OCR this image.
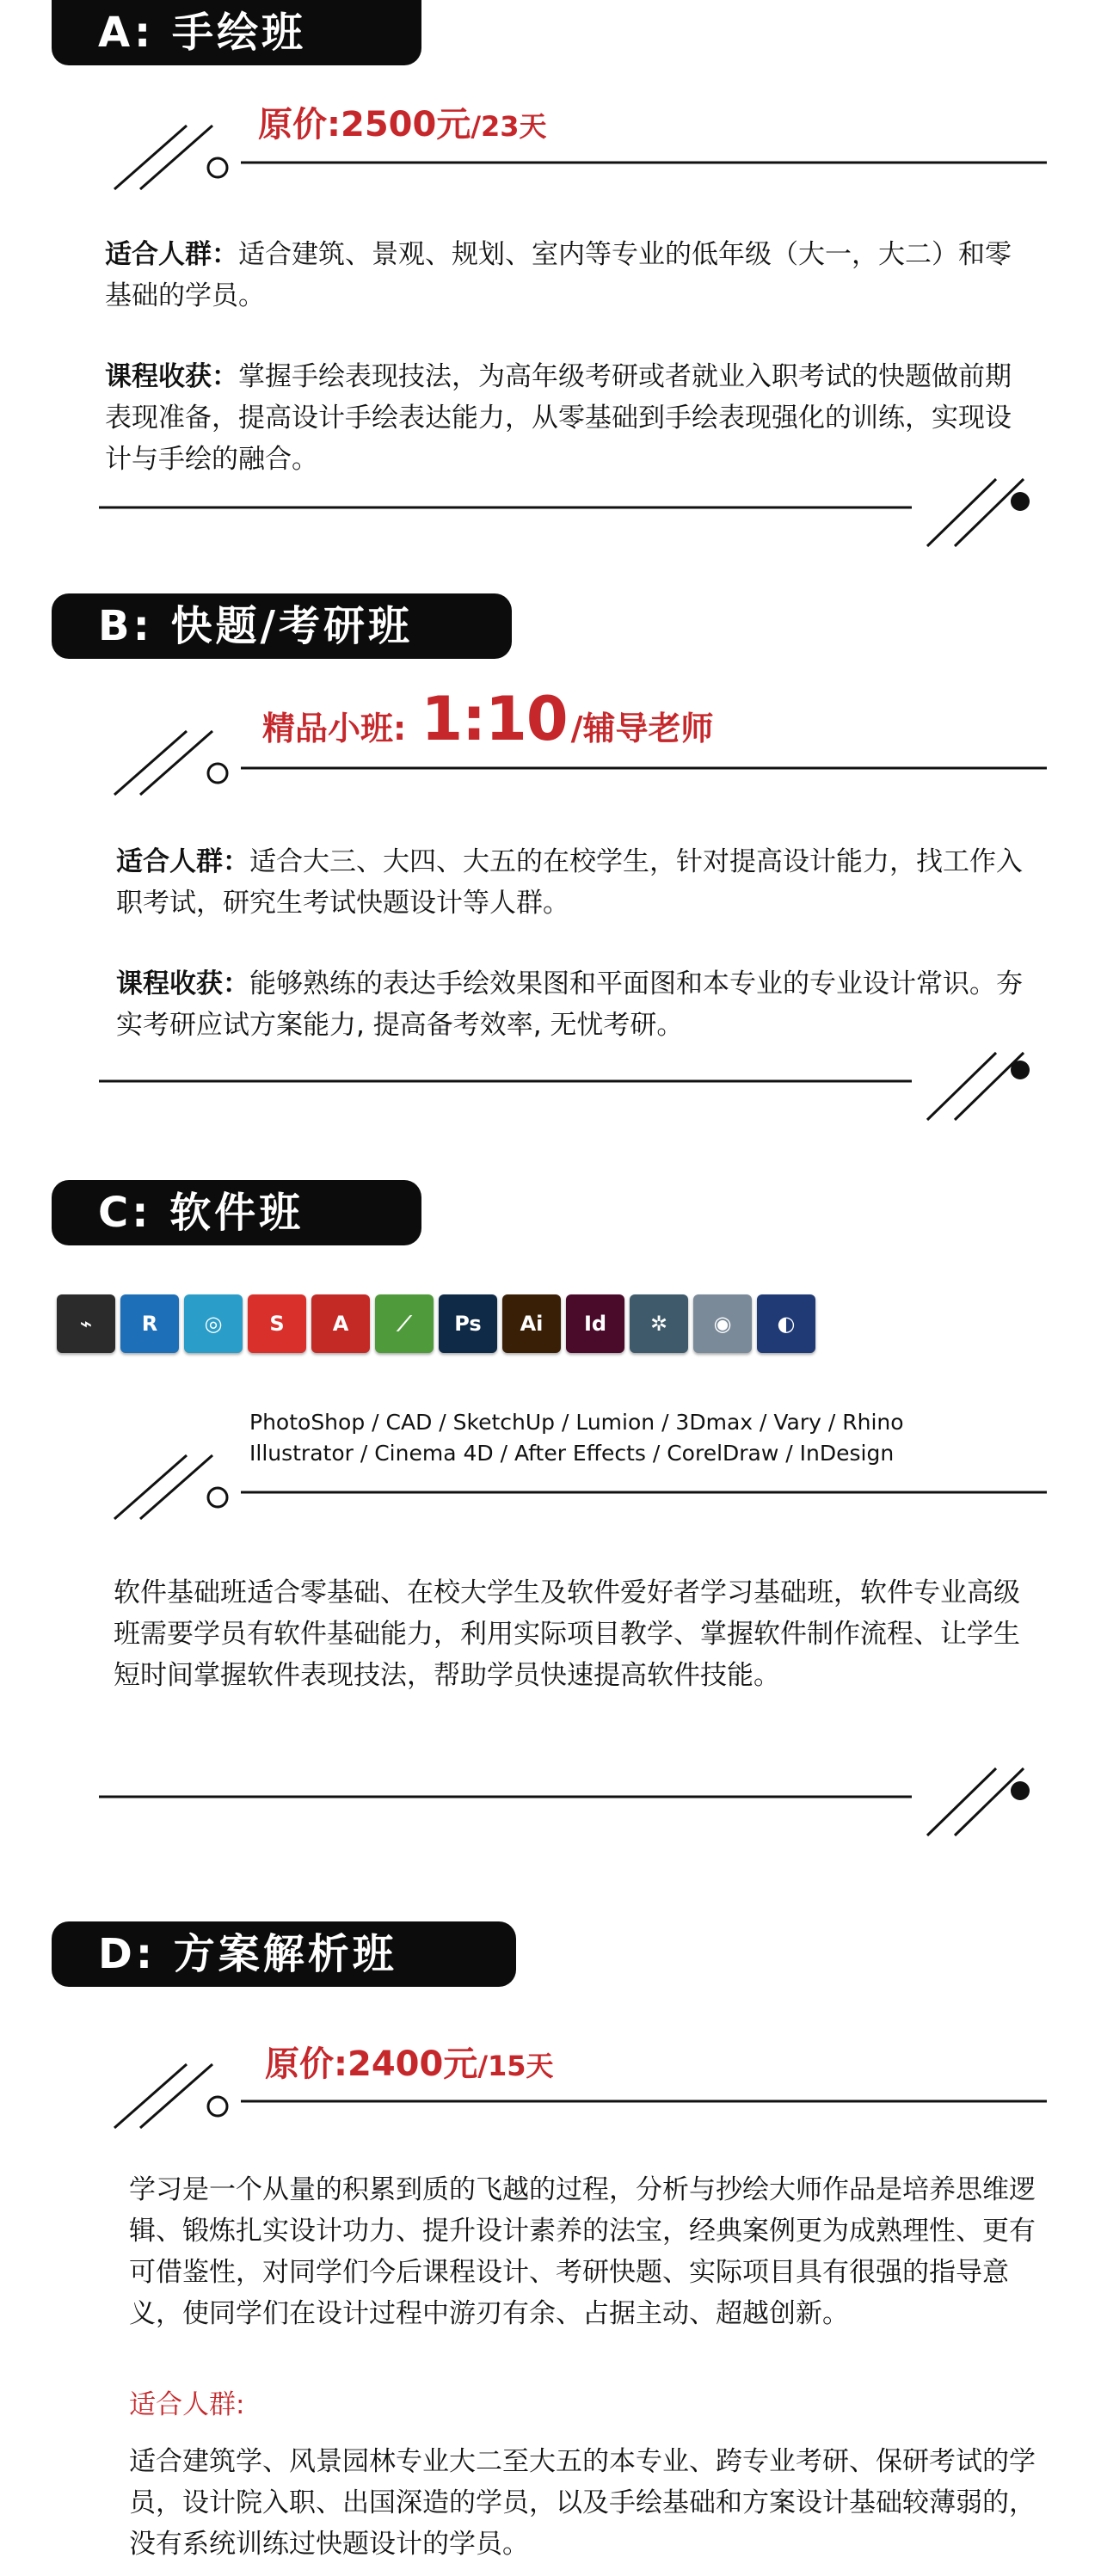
A: 手绘班
原价:2500元/23天
适合人群：适合建筑、景观、规划、室内等专业的低年级（大一，大二）和零基础的学员。
课程收获：掌握手绘表现技法，为高年级考研或者就业入职考试的快题做前期表现准备，提高设计手绘表达能力，从零基础到手绘表现强化的训练，实现设计与手绘的融合。
B: 快题/考研班
精品小班: 1:10 /辅导老师
适合人群：适合大三、大四、大五的在校学生，针对提高设计能力，找工作入职考试，研究生考试快题设计等人群。
课程收获：能够熟练的表达手绘效果图和平面图和本专业的专业设计常识。夯实考研应试方案能力, 提高备考效率, 无忧考研。
C: 软件班
⌁	R	◎	S	A	⟋	Ps	Ai	Id	✲	◉	◐
PhotoShop / CAD / SketchUp / Lumion / 3Dmax / Vary / Rhino
Illustrator / Cinema 4D / After Effects / CorelDraw / InDesign
软件基础班适合零基础、在校大学生及软件爱好者学习基础班，软件专业高级班需要学员有软件基础能力，利用实际项目教学、掌握软件制作流程、让学生短时间掌握软件表现技法，帮助学员快速提高软件技能。
D: 方案解析班
原价:2400元/15天
学习是一个从量的积累到质的飞越的过程，分析与抄绘大师作品是培养思维逻辑、锻炼扎实设计功力、提升设计素养的法宝，经典案例更为成熟理性、更有可借鉴性，对同学们今后课程设计、考研快题、实际项目具有很强的指导意义，使同学们在设计过程中游刃有余、占据主动、超越创新。
适合人群:
适合建筑学、风景园林专业大二至大五的本专业、跨专业考研、保研考试的学员，设计院入职、出国深造的学员，以及手绘基础和方案设计基础较薄弱的，没有系统训练过快题设计的学员。
